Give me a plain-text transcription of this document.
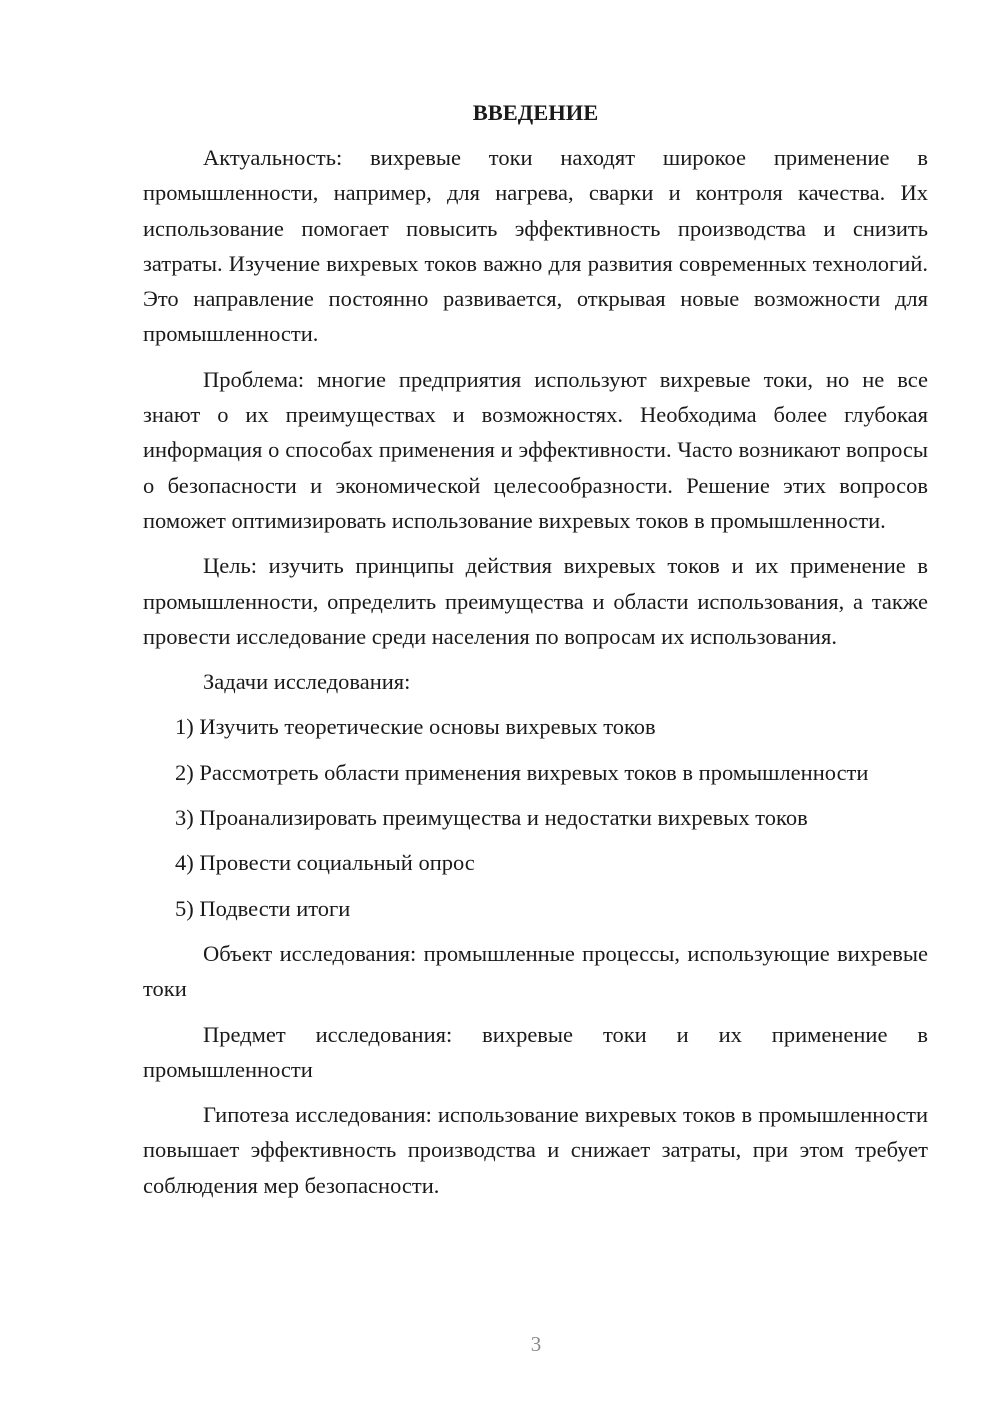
ВВЕДЕНИЕ

Актуальность: вихревые токи находят широкое применение в промышленности, например, для нагрева, сварки и контроля качества. Их использование помогает повысить эффективность производства и снизить затраты. Изучение вихревых токов важно для развития современных технологий. Это направление постоянно развивается, открывая новые возможности для промышленности.

Проблема: многие предприятия используют вихревые токи, но не все знают о их преимуществах и возможностях. Необходима более глубокая информация о способах применения и эффективности. Часто возникают вопросы о безопасности и экономической целесообразности. Решение этих вопросов поможет оптимизировать использование вихревых токов в промышленности.

Цель: изучить принципы действия вихревых токов и их применение в промышленности, определить преимущества и области использования, а также провести исследование среди населения по вопросам их использования.

Задачи исследования:

1) Изучить теоретические основы вихревых токов

2) Рассмотреть области применения вихревых токов в промышленности

3) Проанализировать преимущества и недостатки вихревых токов

4) Провести социальный опрос

5) Подвести итоги

Объект исследования: промышленные процессы, использующие вихревые токи

Предмет исследования: вихревые токи и их применение в промышленности

Гипотеза исследования: использование вихревых токов в промышленности повышает эффективность производства и снижает затраты, при этом требует соблюдения мер безопасности.

3
